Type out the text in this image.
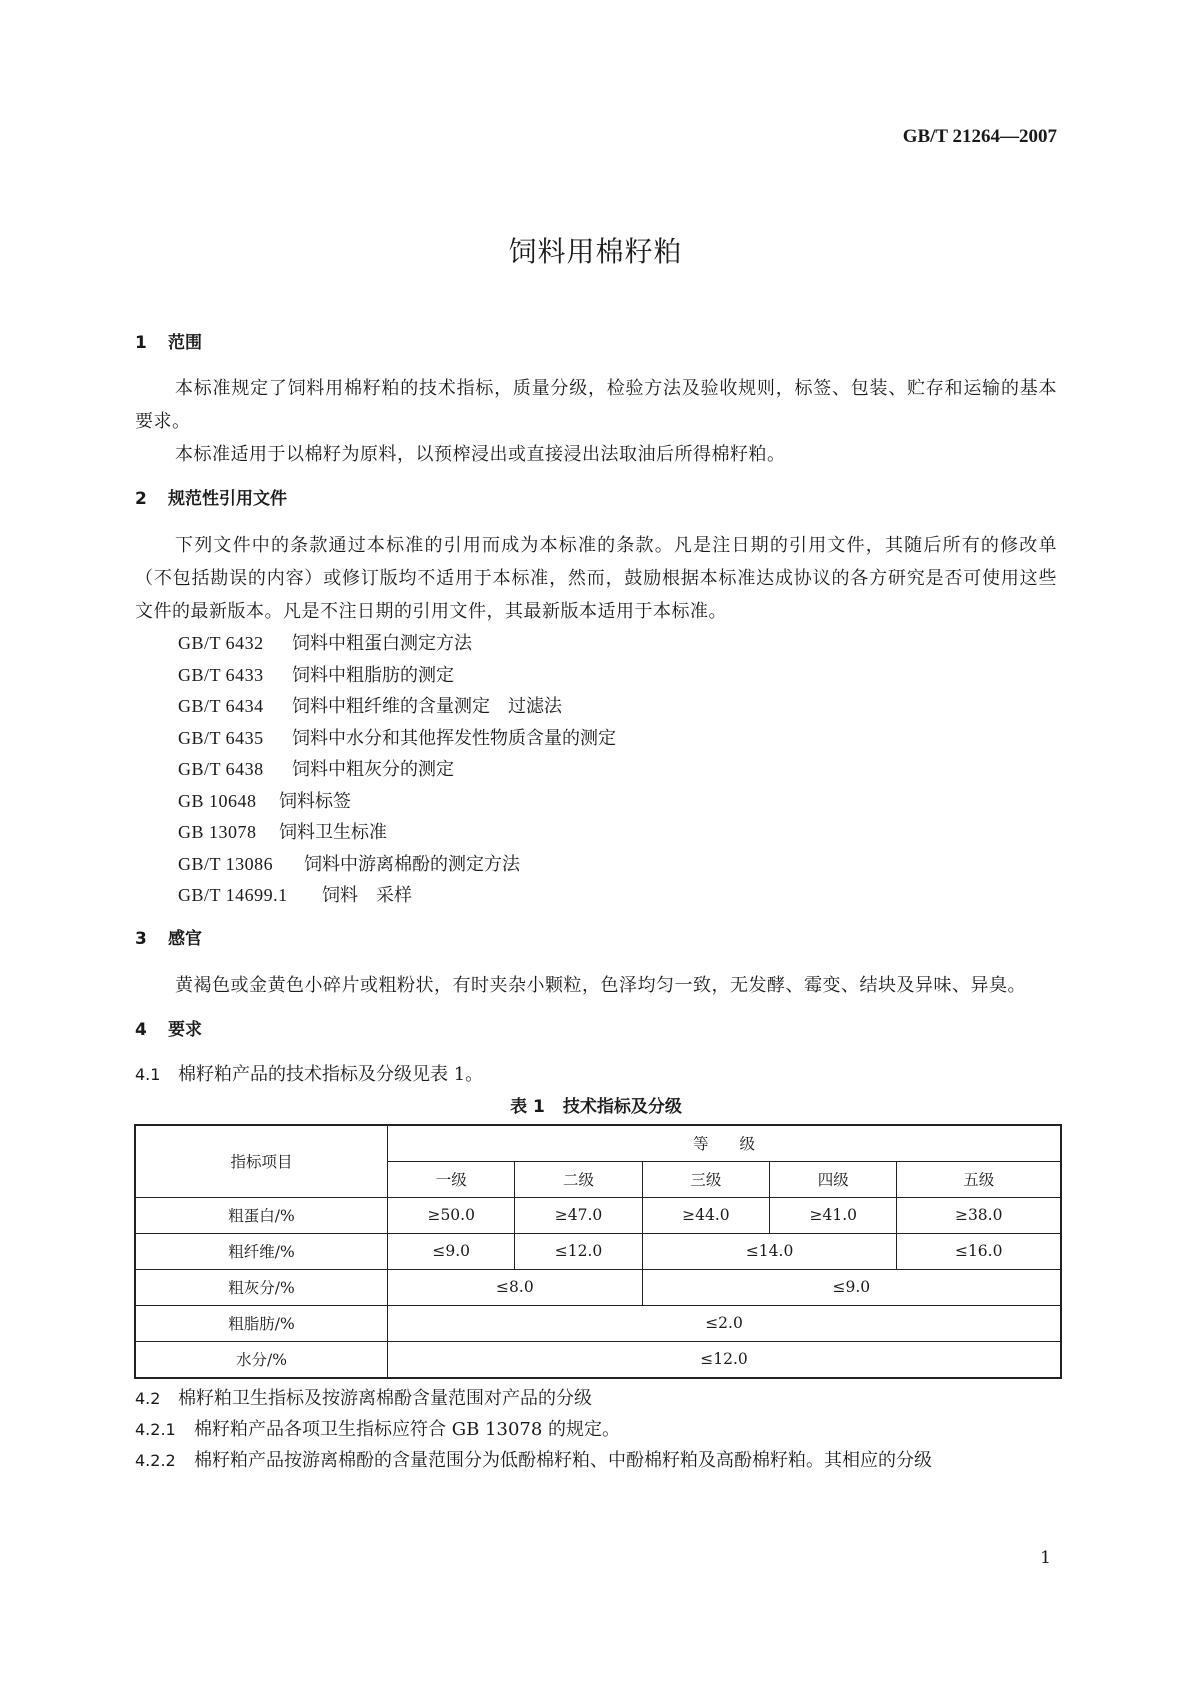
GB/T 21264—2007
饲料用棉籽粕
1 范围

本标准规定了饲料用棉籽粕的技术指标，质量分级，检验方法及验收规则，标签、包装、贮存和运输的基本要求。

本标准适用于以棉籽为原料，以预榨浸出或直接浸出法取油后所得棉籽粕。

2 规范性引用文件

下列文件中的条款通过本标准的引用而成为本标准的条款。凡是注日期的引用文件，其随后所有的修改单（不包括勘误的内容）或修订版均不适用于本标准，然而，鼓励根据本标准达成协议的各方研究是否可使用这些文件的最新版本。凡是不注日期的引用文件，其最新版本适用于本标准。

GB/T 6432 饲料中粗蛋白测定方法

GB/T 6433 饲料中粗脂肪的测定

GB/T 6434 饲料中粗纤维的含量测定　过滤法

GB/T 6435 饲料中水分和其他挥发性物质含量的测定

GB/T 6438 饲料中粗灰分的测定

GB 10648 饲料标签

GB 13078 饲料卫生标准

GB/T 13086 饲料中游离棉酚的测定方法

GB/T 14699.1 饲料　采样

3 感官

黄褐色或金黄色小碎片或粗粉状，有时夹杂小颗粒，色泽均匀一致，无发酵、霉变、结块及异味、异臭。

4 要求

4.1 棉籽粕产品的技术指标及分级见表 1。

表 1 技术指标及分级
指标项目	等　　级				
	一级	二级	三级	四级	五级
粗蛋白/%	≥50.0	≥47.0	≥44.0	≥41.0	≥38.0
粗纤维/%	≤9.0	≤12.0	≤14.0		≤16.0
粗灰分/%	≤8.0		≤9.0		
粗脂肪/%	≤2.0				
水分/%	≤12.0				

4.2 棉籽粕卫生指标及按游离棉酚含量范围对产品的分级

4.2.1 棉籽粕产品各项卫生指标应符合 GB 13078 的规定。

4.2.2 棉籽粕产品按游离棉酚的含量范围分为低酚棉籽粕、中酚棉籽粕及高酚棉籽粕。其相应的分级

1
